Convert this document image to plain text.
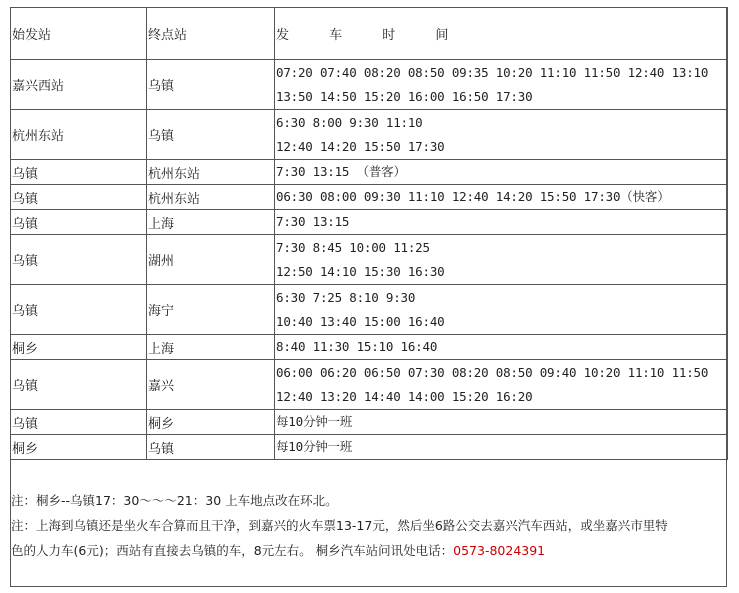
始发站	终点站	发 车 时 间
嘉兴西站	乌镇	07:20 07:40 08:20 08:50 09:35 10:20 11:10 11:50 12:40 13:10
13:50 14:50 15:20 16:00 16:50 17:30

杭州东站	乌镇	6:30 8:00 9:30 11:10
12:40 14:20 15:50 17:30

乌镇	杭州东站	7:30 13:15 （普客）

乌镇	杭州东站	06:30 08:00 09:30 11:10 12:40 14:20 15:50 17:30（快客）

乌镇	上海	7:30 13:15

乌镇	湖州	7:30 8:45 10:00 11:25
12:50 14:10 15:30 16:30

乌镇	海宁	6:30 7:25 8:10 9:30
10:40 13:40 15:00 16:40

桐乡	上海	8:40 11:30 15:10 16:40

乌镇	嘉兴	06:00 06:20 06:50 07:30 08:20 08:50 09:40 10:20 11:10 11:50
12:40 13:20 14:40 14:00 15:20 16:20

乌镇	桐乡	每10分钟一班

桐乡	乌镇	每10分钟一班
注：桐乡--乌镇17：30～～～21：30 上车地点改在环北。
注：上海到乌镇还是坐火车合算而且干净，到嘉兴的火车票13-17元，然后坐6路公交去嘉兴汽车西站，或坐嘉兴市里特
色的人力车(6元)；西站有直接去乌镇的车，8元左右。 桐乡汽车站问讯处电话：0573-8024391
